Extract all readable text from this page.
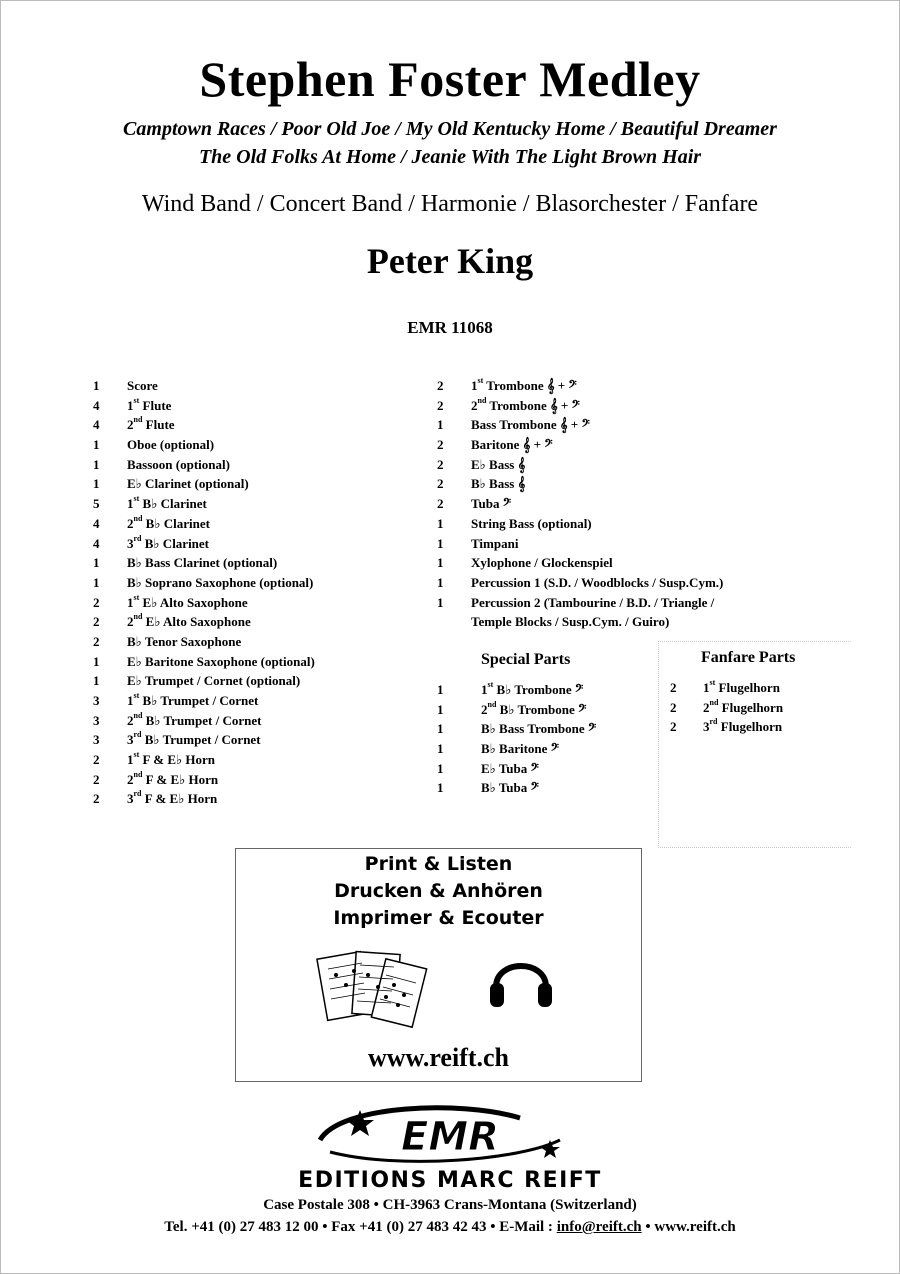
Stephen Foster Medley
Camptown Races / Poor Old Joe / My Old Kentucky Home / Beautiful Dreamer
The Old Folks At Home / Jeanie With The Light Brown Hair
Wind Band / Concert Band / Harmonie / Blasorchester / Fanfare
Peter King
EMR 11068
1 Score
4 1st Flute
4 2nd Flute
1 Oboe (optional)
1 Bassoon (optional)
1 E♭ Clarinet (optional)
5 1st B♭ Clarinet
4 2nd B♭ Clarinet
4 3rd B♭ Clarinet
1 B♭ Bass Clarinet (optional)
1 B♭ Soprano Saxophone (optional)
2 1st E♭ Alto Saxophone
2 2nd E♭ Alto Saxophone
2 B♭ Tenor Saxophone
1 E♭ Baritone Saxophone (optional)
1 E♭ Trumpet / Cornet (optional)
3 1st B♭ Trumpet / Cornet
3 2nd B♭ Trumpet / Cornet
3 3rd B♭ Trumpet / Cornet
2 1st F & E♭ Horn
2 2nd F & E♭ Horn
2 3rd F & E♭ Horn
2 1st Trombone 𝄞 + 𝄢
2 2nd Trombone 𝄞 + 𝄢
1 Bass Trombone 𝄞 + 𝄢
2 Baritone 𝄞 + 𝄢
2 E♭ Bass 𝄞
2 B♭ Bass 𝄞
2 Tuba 𝄢
1 String Bass (optional)
1 Timpani
1 Xylophone / Glockenspiel
1 Percussion 1 (S.D. / Woodblocks / Susp.Cym.)
1 Percussion 2 (Tambourine / B.D. / Triangle /
Temple Blocks / Susp.Cym. / Guiro)
Special Parts
1	1st B♭ Trombone 𝄢
1	2nd B♭ Trombone 𝄢
1	B♭ Bass Trombone 𝄢
1	B♭ Baritone 𝄢
1	E♭ Tuba 𝄢
1	B♭ Tuba 𝄢
Fanfare Parts
2 1st Flugelhorn
2 2nd Flugelhorn
2 3rd Flugelhorn
Print & Listen
Drucken & Anhören
Imprimer & Ecouter
www.reift.ch
EMR
EDITIONS MARC REIFT
Case Postale 308 • CH-3963 Crans-Montana (Switzerland)
Tel. +41 (0) 27 483 12 00 • Fax +41 (0) 27 483 42 43 • E-Mail : info@reift.ch • www.reift.ch
